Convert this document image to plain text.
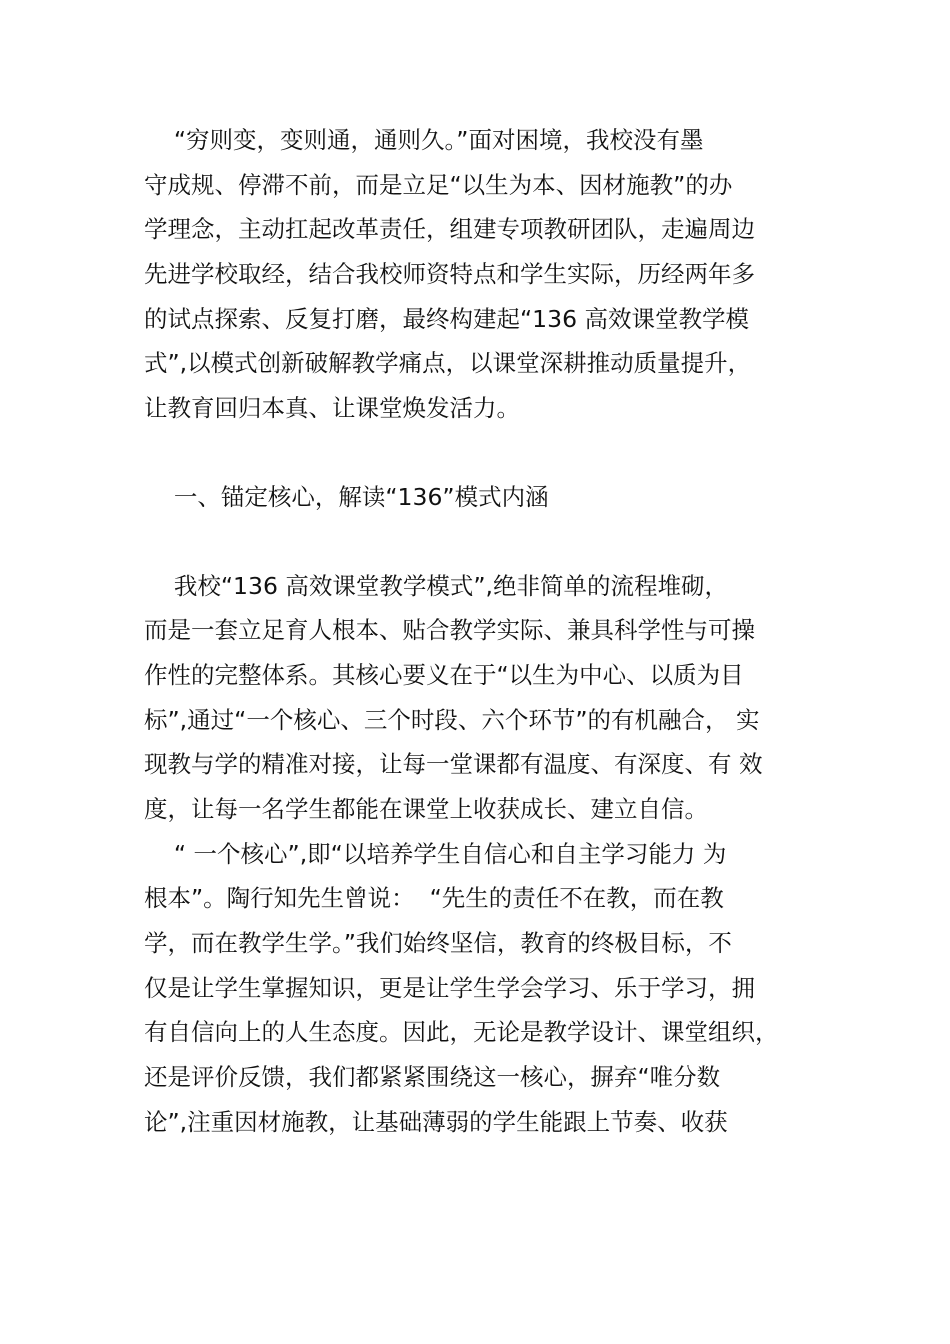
“穷则变，变则通，通则久。”面对困境，我校没有墨
守成规、停滞不前，而是立足“以生为本、因材施教”的办
学理念，主动扛起改革责任，组建专项教研团队，走遍周边
先进学校取经，结合我校师资特点和学生实际，历经两年多
的试点探索、反复打磨，最终构建起“136 高效课堂教学模
式”,以模式创新破解教学痛点，以课堂深耕推动质量提升，
让教育回归本真、让课堂焕发活力。
一、锚定核心，解读“136”模式内涵
我校“136 高效课堂教学模式”,绝非简单的流程堆砌，
而是一套立足育人根本、贴合教学实际、兼具科学性与可操
作性的完整体系。其核心要义在于“以生为中心、以质为目
标”,通过“一个核心、三个时段、六个环节”的有机融合， 实
现教与学的精准对接，让每一堂课都有温度、有深度、有 效
度，让每一名学生都能在课堂上收获成长、建立自信。
“ 一个核心”,即“以培养学生自信心和自主学习能力 为
根本”。陶行知先生曾说：  “先生的责任不在教，而在教
学，而在教学生学。”我们始终坚信，教育的终极目标，不
仅是让学生掌握知识，更是让学生学会学习、乐于学习，拥
有自信向上的人生态度。因此，无论是教学设计、课堂组织，
还是评价反馈，我们都紧紧围绕这一核心，摒弃“唯分数
论”,注重因材施教，让基础薄弱的学生能跟上节奏、收获
